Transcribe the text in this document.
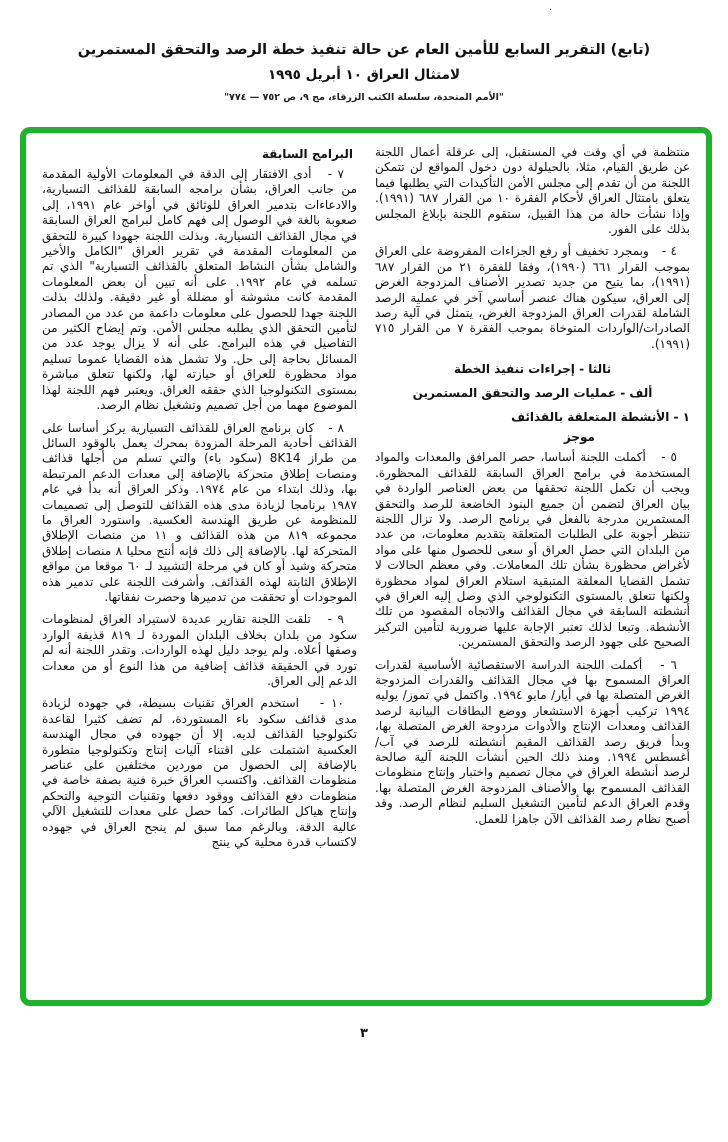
.
(تابع) التقرير السابع للأمين العام عن حالة تنفيذ خطة الرصد والتحقق المستمرين
لامتثال العراق ١٠ أبريل ١٩٩٥
"الأمم المتحدة، سلسلة الكتب الزرقاء، مج ٩، ص ٧٥٢ — ٧٧٤"

منتظمة في أي وقت في المستقبل، إلى عرقلة أعمال اللجنة عن طريق القيام، مثلا، بالحيلولة دون دخول المواقع لن تتمكن اللجنة من أن تقدم إلى مجلس الأمن التأكيدات التي يطلبها فيما يتعلق بامتثال العراق لأحكام الفقرة ١٠ من القرار ٦٨٧ (١٩٩١). وإذا نشأت حالة من هذا القبيل، ستقوم اللجنة بإبلاغ المجلس بذلك على الفور.

٤ -   وبمجرد تخفيف أو رفع الجزاءات المفروضة على العراق بموجب القرار ٦٦١ (١٩٩٠)، وفقا للفقرة ٢١ من القرار ٦٨٧ (١٩٩١)، بما يتيح من جديد تصدير الأصناف المزدوجة الغرض إلى العراق، سيكون هناك عنصر أساسي آخر في عملية الرصد الشاملة لقدرات العراق المزدوجة الغرض، يتمثل في آلية رصد الصادرات/الواردات المتوخاة بموجب الفقرة ٧ من القرار ٧١٥ (١٩٩١).

ثالثا - إجراءات تنفيذ الخطة
ألف - عمليات الرصد والتحقق المستمرين
١ - الأنشطة المتعلقة بالقذائف
موجز

٥ -   أكملت اللجنة أساسا، حصر المرافق والمعدات والمواد المستخدمة في برامج العراق السابقة للقذائف المحظورة. ويجب أن تكمل اللجنة تحققها من بعض العناصر الواردة في بيان العراق لتضمن أن جميع البنود الخاضعة للرصد والتحقق المستمرين مدرجة بالفعل في برنامج الرصد. ولا تزال اللجنة تنتظر أجوبة على الطلبات المتعلقة بتقديم معلومات، من عدد من البلدان التي حصل العراق أو سعى للحصول منها على مواد لأغراض محظورة بشأن تلك المعاملات. وفي معظم الحالات لا تشمل القضايا المعلقة المتبقية استلام العراق لمواد محظورة ولكنها تتعلق بالمستوى التكنولوجي الذي وصل إليه العراق في أنشطته السابقة في مجال القذائف والاتجاه المقصود من تلك الأنشطة. وتبعا لذلك تعتبر الإجابة عليها ضرورية لتأمين التركيز الصحيح على جهود الرصد والتحقق المستمرين.

٦ -   أكملت اللجنة الدراسة الاستقصائية الأساسية لقدرات العراق المسموح بها في مجال القذائف والقدرات المزدوجة الغرض المتصلة بها في أيار/ مايو ١٩٩٤. واكتمل في تموز/ يوليه ١٩٩٤ تركيب أجهزة الاستشعار ووضع البطاقات البيانية لرصد القذائف ومعدات الإنتاج والأدوات مزدوجة الغرض المتصلة بها، وبدأ فريق رصد القذائف المقيم أنشطته للرصد في آب/ أغسطس ١٩٩٤. ومنذ ذلك الحين أنشأت اللجنة آلية صالحة لرصد أنشطة العراق في مجال تصميم واختبار وإنتاج منظومات القذائف المسموح بها والأصناف المزدوجة الغرض المتصلة بها. وقدم العراق الدعم لتأمين التشغيل السليم لنظام الرصد. وقد أصبح نظام رصد القذائف الآن جاهزا للعمل.

البرامج السابقة

٧ -   أدى الافتقار إلى الدقة في المعلومات الأولية المقدمة من جانب العراق، بشأن برامجه السابقة للقذائف التسيارية، والادعاءات بتدمير العراق للوثائق في أواخر عام ١٩٩١، إلى صعوبة بالغة في الوصول إلى فهم كامل لبرامج العراق السابقة في مجال القذائف التسيارية. وبذلت اللجنة جهودا كبيرة للتحقق من المعلومات المقدمة في تقرير العراق "الكامل والأخير والشامل بشأن النشاط المتعلق بالقذائف التسيارية" الذي تم تسلمه في عام ١٩٩٢. على أنه تبين أن بعض المعلومات المقدمة كانت مشوشة أو مضللة أو غير دقيقة. ولذلك بذلت اللجنة جهدا للحصول على معلومات داعمة من عدد من المصادر لتأمين التحقق الذي يطلبه مجلس الأمن. وتم إيضاح الكثير من التفاصيل في هذه البرامج. على أنه لا يزال يوجد عدد من المسائل بحاجة إلى حل. ولا تشمل هذه القضايا عموما تسليم مواد محظورة للعراق أو حيازته لها، ولكنها تتعلق مباشرة بمستوى التكنولوجيا الذي حققه العراق. ويعتبر فهم اللجنة لهذا الموضوع مهما من أجل تصميم وتشغيل نظام الرصد.

٨ -   كان برنامج العراق للقذائف التسيارية يركز أساسا على القذائف أحادية المرحلة المزودة بمحرك يعمل بالوقود السائل من طراز 8K14 (سكود باء) والتي تسلم من أجلها قذائف ومنصات إطلاق متحركة بالإضافة إلى معدات الدعم المرتبطة بها، وذلك ابتداء من عام ١٩٧٤. وذكر العراق أنه بدأ في عام ١٩٨٧ برنامجا لزيادة مدى هذه القذائف للتوصل إلى تصميمات للمنظومة عن طريق الهندسة العكسية. واستورد العراق ما مجموعه ٨١٩ من هذه القذائف و ١١ من منصات الإطلاق المتحركة لها. بالإضافة إلى ذلك فإنه أنتج محليا ٨ منصات إطلاق متحركة وشيد أو كان في مرحلة التشييد لـ ٦٠ موقعا من مواقع الإطلاق الثابتة لهذه القذائف. وأشرفت اللجنة على تدمير هذه الموجودات أو تحققت من تدميرها وحصرت نفقاتها.

٩ -   تلقت اللجنة تقارير عديدة لاستيراد العراق لمنظومات سكود من بلدان بخلاف البلدان الموردة لـ ٨١٩ قذيفة الوارد وصفها أعلاه. ولم يوجد دليل لهذه الواردات. وتقدر اللجنة أنه لم تورد في الحقيقة قذائف إضافية من هذا النوع أو من معدات الدعم إلى العراق.

١٠ -   استخدم العراق تقنيات بسيطة، في جهوده لزيادة مدى قذائف سكود باء المستوردة، لم تضف كثيرا لقاعدة تكنولوجيا القذائف لديه. إلا أن جهوده في مجال الهندسة العكسية اشتملت على اقتناء آليات إنتاج وتكنولوجيا متطورة بالإضافة إلى الحصول من موردين مختلفين على عناصر منظومات القذائف. واكتسب العراق خبرة فنية بصفة خاصة في منظومات دفع القذائف ووقود دفعها وتقنيات التوجيه والتحكم وإنتاج هياكل الطائرات. كما حصل على معدات للتشغيل الآلي عالية الدقة. وبالرغم مما سبق لم ينجح العراق في جهوده لاكتساب قدرة محلية كي ينتج

٣
